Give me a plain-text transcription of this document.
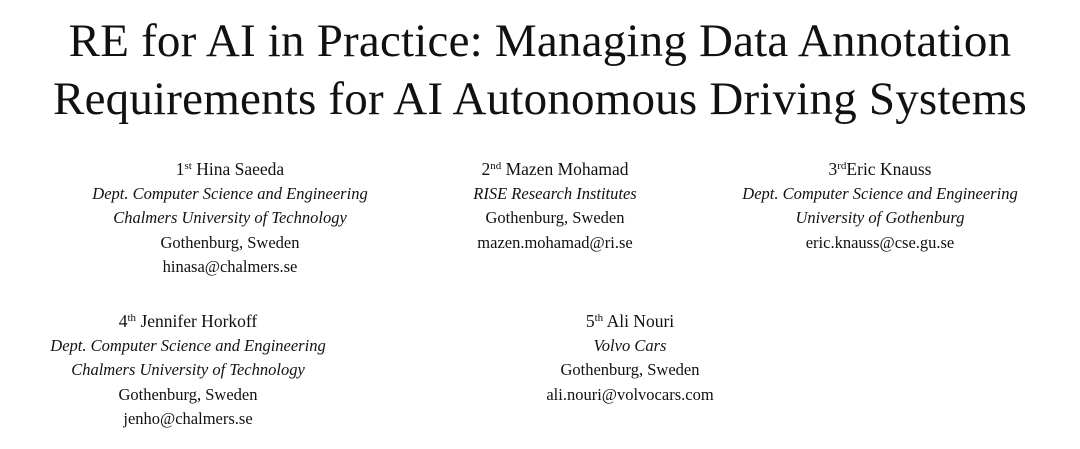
RE for AI in Practice: Managing Data Annotation
Requirements for AI Autonomous Driving Systems
1st Hina Saeeda
Dept. Computer Science and Engineering
Chalmers University of Technology
Gothenburg, Sweden
hinasa@chalmers.se
2nd Mazen Mohamad
RISE Research Institutes
Gothenburg, Sweden
mazen.mohamad@ri.se
3rdEric Knauss
Dept. Computer Science and Engineering
University of Gothenburg
eric.knauss@cse.gu.se
4th Jennifer Horkoff
Dept. Computer Science and Engineering
Chalmers University of Technology
Gothenburg, Sweden
jenho@chalmers.se
5th Ali Nouri
Volvo Cars
Gothenburg, Sweden
ali.nouri@volvocars.com
